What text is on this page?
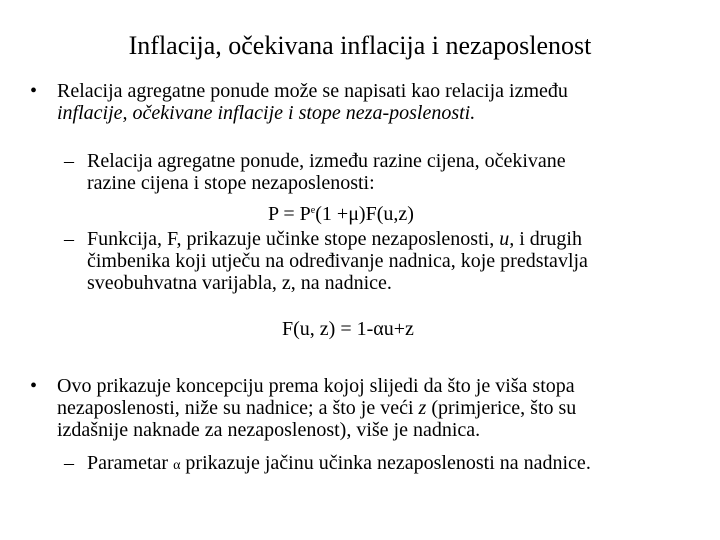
Inflacija, očekivana inflacija i nezaposlenost
• Relacija agregatne ponude može se napisati kao relacija između
inflacije, očekivane inflacije i stope neza-poslenosti.
– Relacija agregatne ponude, između razine cijena, očekivane
razine cijena i stope nezaposlenosti:
$P = P^e(1 +\mu)F(u,z)$
– Funkcija, F, prikazuje učinke stope nezaposlenosti, u, i drugih
čimbenika koji utječu na određivanje nadnica, koje predstavlja
sveobuhvatna varijabla, z, na nadnice.
F(u, z) = 1-αu+z
• Ovo prikazuje koncepciju prema kojoj slijedi da što je viša stopa
nezaposlenosti, niže su nadnice; a što je veći z (primjerice, što su
izdašnije naknade za nezaposlenost), više je nadnica.
– Parametar α prikazuje jačinu učinka nezaposlenosti na nadnice.
